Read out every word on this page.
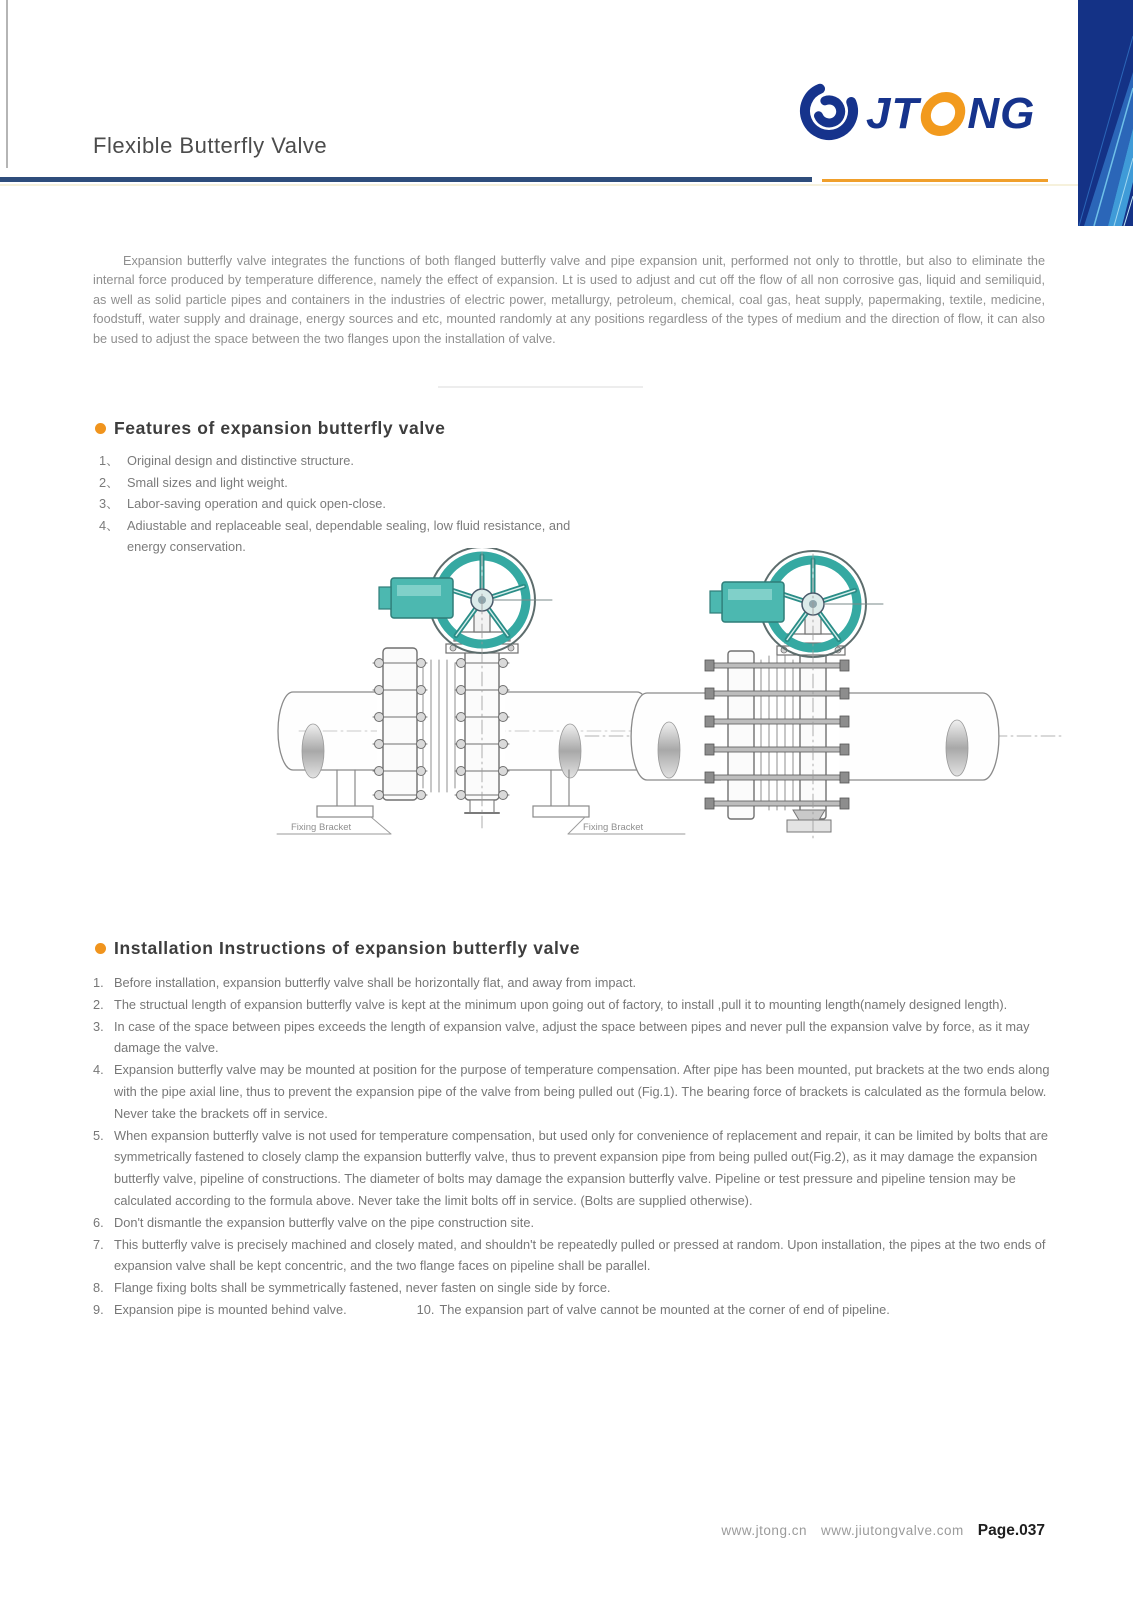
Flexible Butterfly Valve
JT NG
Expansion butterfly valve integrates the functions of both flanged butterfly valve and pipe expansion unit, performed not only to throttle, but also to eliminate the internal force produced by temperature difference, namely the effect of expansion. Lt is used to adjust and cut off the flow of all non corrosive gas, liquid and semiliquid, as well as solid particle pipes and containers in the industries of electric power, metallurgy, petroleum, chemical, coal gas, heat supply, papermaking, textile, medicine, foodstuff, water supply and drainage, energy sources and etc, mounted randomly at any positions regardless of the types of medium and the direction of flow, it can also be used to adjust the space between the two flanges upon the installation of valve.
Features of expansion butterfly valve
1、 Original design and distinctive structure.
2、 Small sizes and light weight.
3、 Labor-saving operation and quick open-close.
4、 Adiustable and replaceable seal, dependable sealing, low fluid resistance, and energy conservation.
Fixing Bracket	Fixing Bracket
Installation Instructions of expansion butterfly valve
1. Before installation, expansion butterfly valve shall be horizontally flat, and away from impact.
2. The structual length of expansion butterfly valve is kept at the minimum upon going out of factory, to install ,pull it to mounting length(namely designed length).
3. In case of the space between pipes exceeds the length of expansion valve, adjust the space between pipes and never pull the expansion valve by force, as it may damage the valve.
4. Expansion butterfly valve may be mounted at position for the purpose of temperature compensation. After pipe has been mounted, put brackets at the two ends along with the pipe axial line, thus to prevent the expansion pipe of the valve from being pulled out (Fig.1). The bearing force of brackets is calculated as the formula below. Never take the brackets off in service.
5. When expansion butterfly valve is not used for temperature compensation, but used only for convenience of replacement and repair, it can be limited by bolts that are symmetrically fastened to closely clamp the expansion butterfly valve, thus to prevent expansion pipe from being pulled out(Fig.2), as it may damage the expansion butterfly valve, pipeline of constructions. The diameter of bolts may damage the expansion butterfly valve. Pipeline or test pressure and pipeline tension may be calculated according to the formula above. Never take the limit bolts off in service. (Bolts are supplied otherwise).
6. Don't dismantle the expansion butterfly valve on the pipe construction site.
7. This butterfly valve is precisely machined and closely mated, and shouldn't be repeatedly pulled or pressed at random. Upon installation, the pipes at the two ends of expansion valve shall be kept concentric, and the two flange faces on pipeline shall be parallel.
8. Flange fixing bolts shall be symmetrically fastened, never fasten on single side by force.
9. Expansion pipe is mounted behind valve.	10. The expansion part of valve cannot be mounted at the corner of end of pipeline.
www.jtong.cn www.jiutongvalve.com Page.037
